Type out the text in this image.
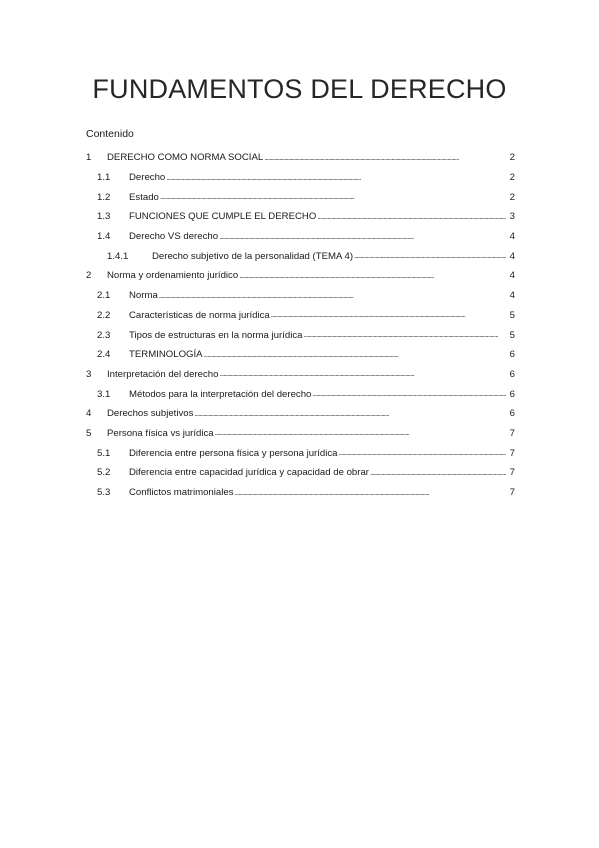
FUNDAMENTOS DEL DERECHO
Contenido
1	DERECHO COMO NORMA SOCIAL . . .	2
1.1	Derecho . . .	2
1.2	Estado . . .	2
1.3	FUNCIONES QUE CUMPLE EL DERECHO . . .	3
1.4	Derecho VS derecho . . .	4
1.4.1	Derecho subjetivo de la personalidad (TEMA 4) . . .	4
2	Norma y ordenamiento jurídico . . .	4
2.1	Norma . . .	4
2.2	Características de norma jurídica . . .	5
2.3	Tipos de estructuras en la norma jurídica . . .	5
2.4	TERMINOLOGÍA . . .	6
3	Interpretación del derecho . . .	6
3.1	Métodos para la interpretación del derecho . . .	6
4	Derechos subjetivos . . .	6
5	Persona física vs jurídica . . .	7
5.1	Diferencia entre persona física y persona jurídica . . .	7
5.2	Diferencia entre capacidad jurídica y capacidad de obrar . . .	7
5.3	Conflictos matrimoniales . . .	7
